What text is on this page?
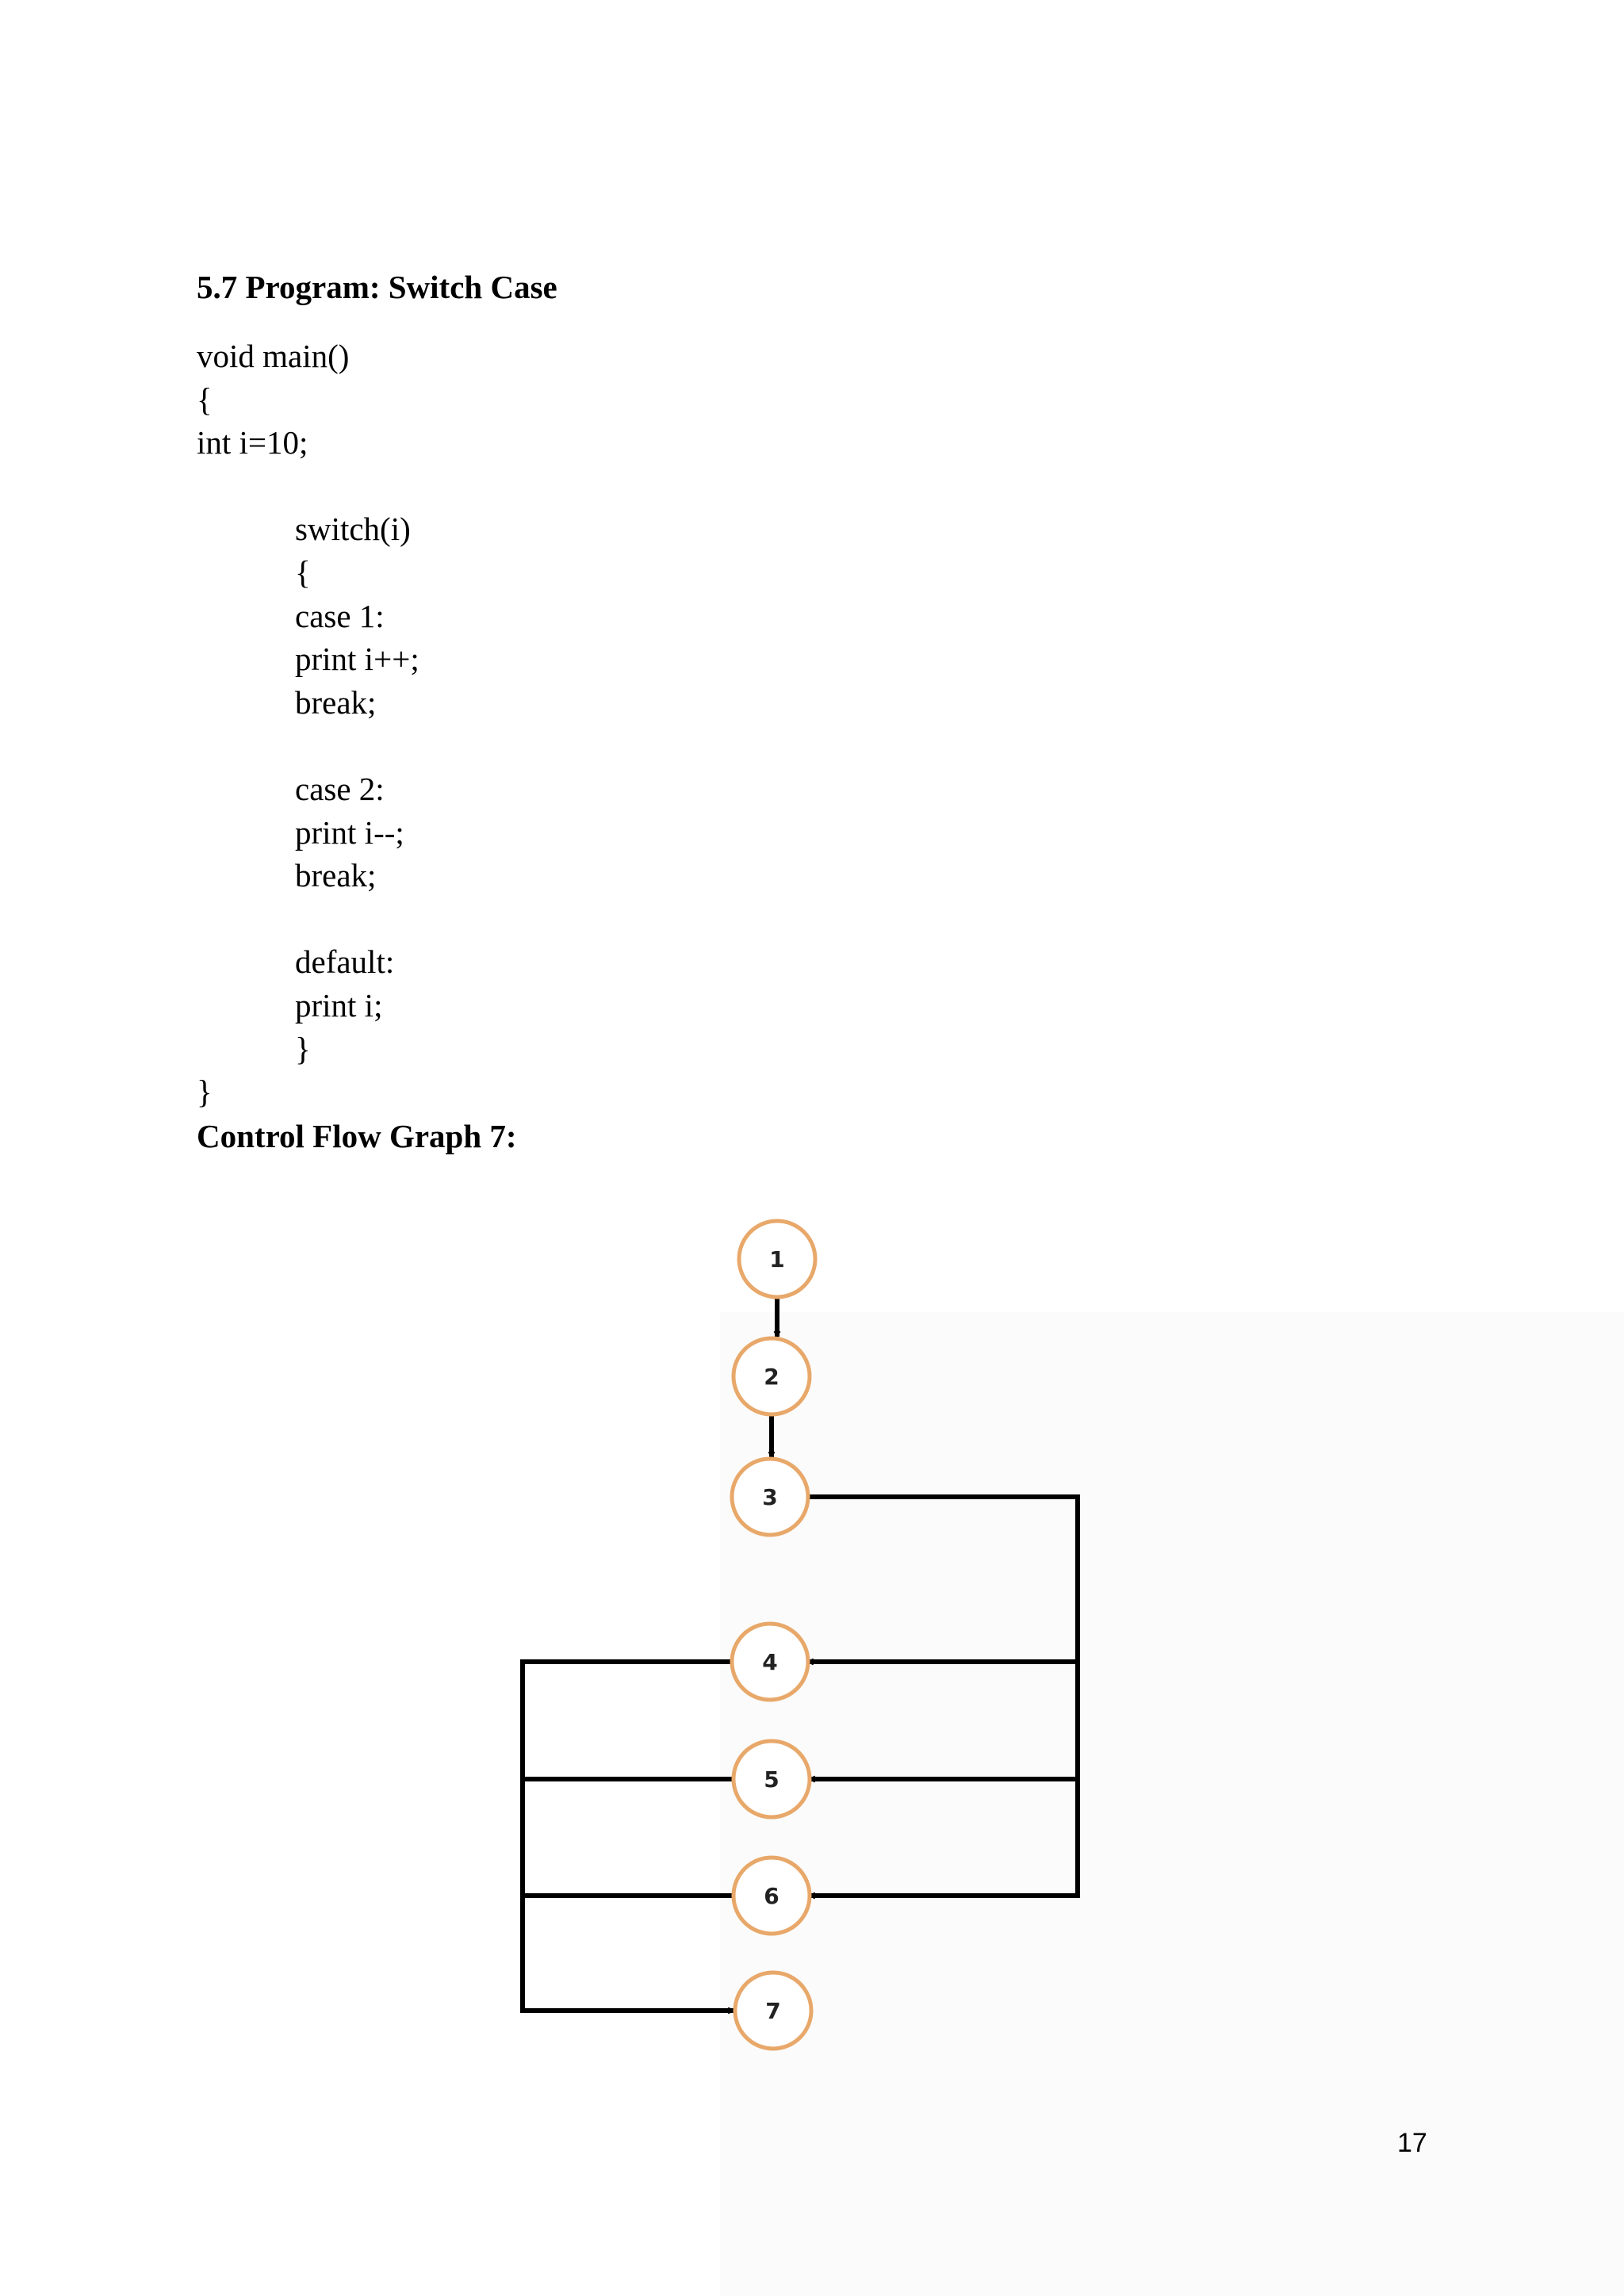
5.7 Program: Switch Case
void main()
{
int i=10;
switch(i)
{
case 1:
print i++;
break;
case 2:
print i--;
break;
default:
print i;
}
}
Control Flow Graph 7:
1
2
3
4
5
6
7
17
